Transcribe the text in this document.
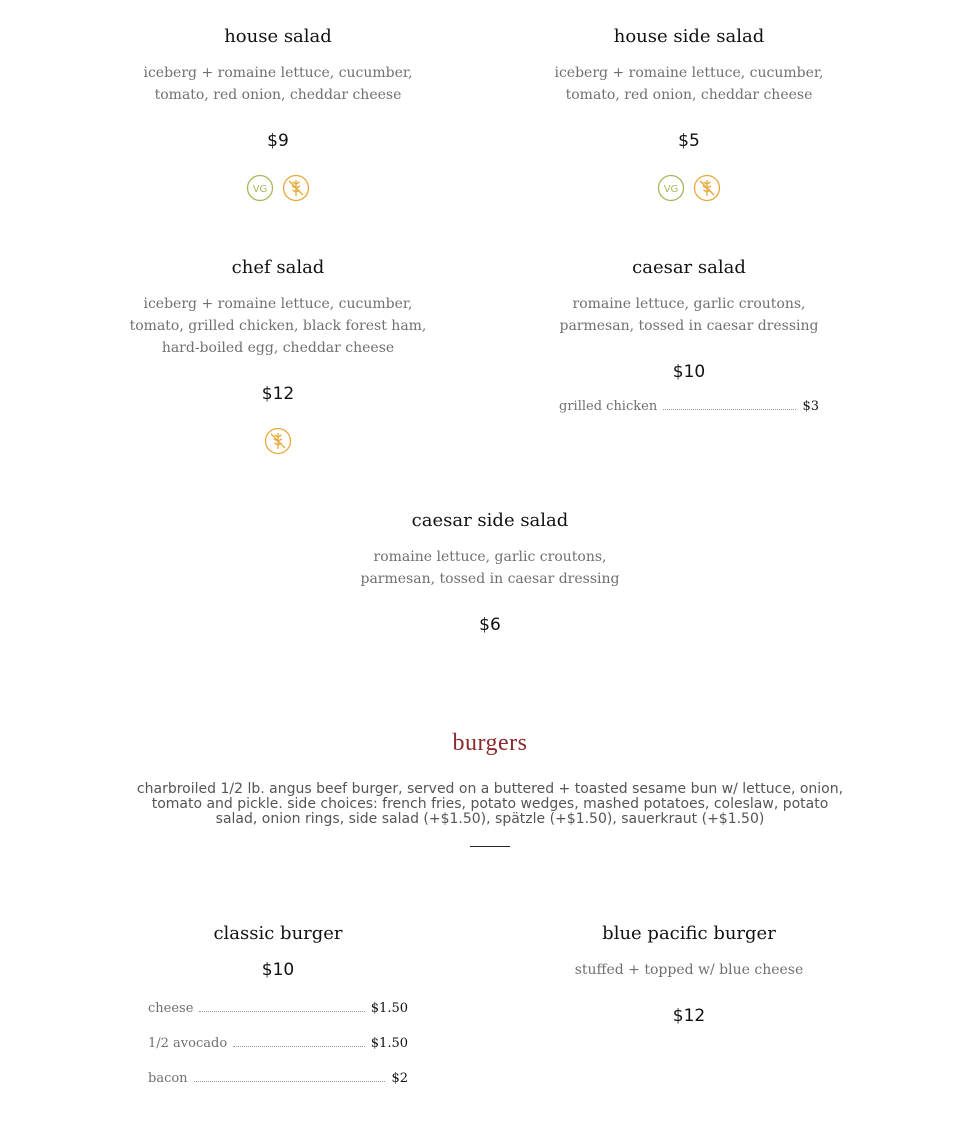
house salad
iceberg + romaine lettuce, cucumber, tomato, red onion, cheddar cheese
$9
VG
house side salad
iceberg + romaine lettuce, cucumber, tomato, red onion, cheddar cheese
$5
VG
chef salad
iceberg + romaine lettuce, cucumber, tomato, grilled chicken, black forest ham, hard-boiled egg, cheddar cheese
$12
caesar salad
romaine lettuce, garlic croutons, parmesan, tossed in caesar dressing
$10
grilled chicken	$3
caesar side salad
romaine lettuce, garlic croutons, parmesan, tossed in caesar dressing
$6
burgers
charbroiled 1/2 lb. angus beef burger, served on a buttered + toasted sesame bun w/ lettuce, onion, tomato and pickle. side choices: french fries, potato wedges, mashed potatoes, coleslaw, potato salad, onion rings, side salad (+$1.50), spätzle (+$1.50), sauerkraut (+$1.50)
classic burger
$10
cheese	$1.50
1/2 avocado	$1.50
bacon	$2
blue pacific burger
stuffed + topped w/ blue cheese
$12
